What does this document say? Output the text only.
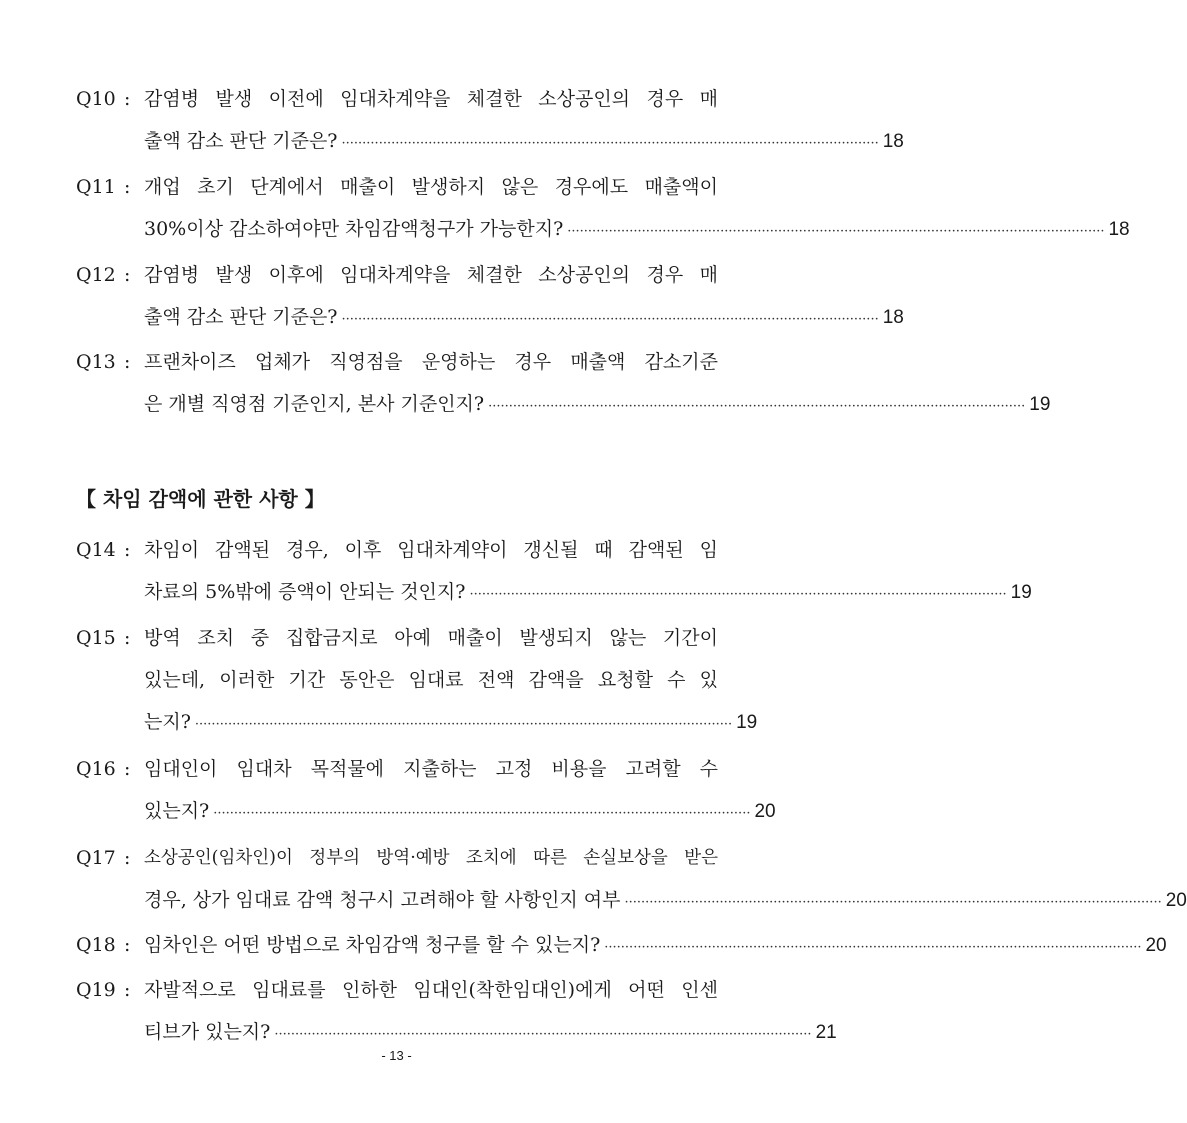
Q10 : 감염병 발생 이전에 임대차계약을 체결한 소상공인의 경우 매
출액 감소 판단 기준은? ·································································································································· 18
Q11 : 개업 초기 단계에서 매출이 발생하지 않은 경우에도 매출액이
30%이상 감소하여야만 차임감액청구가 가능한지? ·································································································································· 18
Q12 : 감염병 발생 이후에 임대차계약을 체결한 소상공인의 경우 매
출액 감소 판단 기준은? ·································································································································· 18
Q13 : 프랜차이즈 업체가 직영점을 운영하는 경우 매출액 감소기준
은 개별 직영점 기준인지, 본사 기준인지? ·································································································································· 19
【 차임 감액에 관한 사항 】
Q14 : 차임이 감액된 경우, 이후 임대차계약이 갱신될 때 감액된 임
차료의 5%밖에 증액이 안되는 것인지? ·································································································································· 19
Q15 : 방역 조치 중 집합금지로 아예 매출이 발생되지 않는 기간이
있는데, 이러한 기간 동안은 임대료 전액 감액을 요청할 수 있
는지? ·································································································································· 19
Q16 : 임대인이 임대차 목적물에 지출하는 고정 비용을 고려할 수
있는지? ·································································································································· 20
Q17 : 소상공인(임차인)이 정부의 방역·예방 조치에 따른 손실보상을 받은
경우, 상가 임대료 감액 청구시 고려해야 할 사항인지 여부 ·································································································································· 20
Q18 : 임차인은 어떤 방법으로 차임감액 청구를 할 수 있는지? ·································································································································· 20
Q19 : 자발적으로 임대료를 인하한 임대인(착한임대인)에게 어떤 인센
티브가 있는지? ·································································································································· 21
- 13 -
